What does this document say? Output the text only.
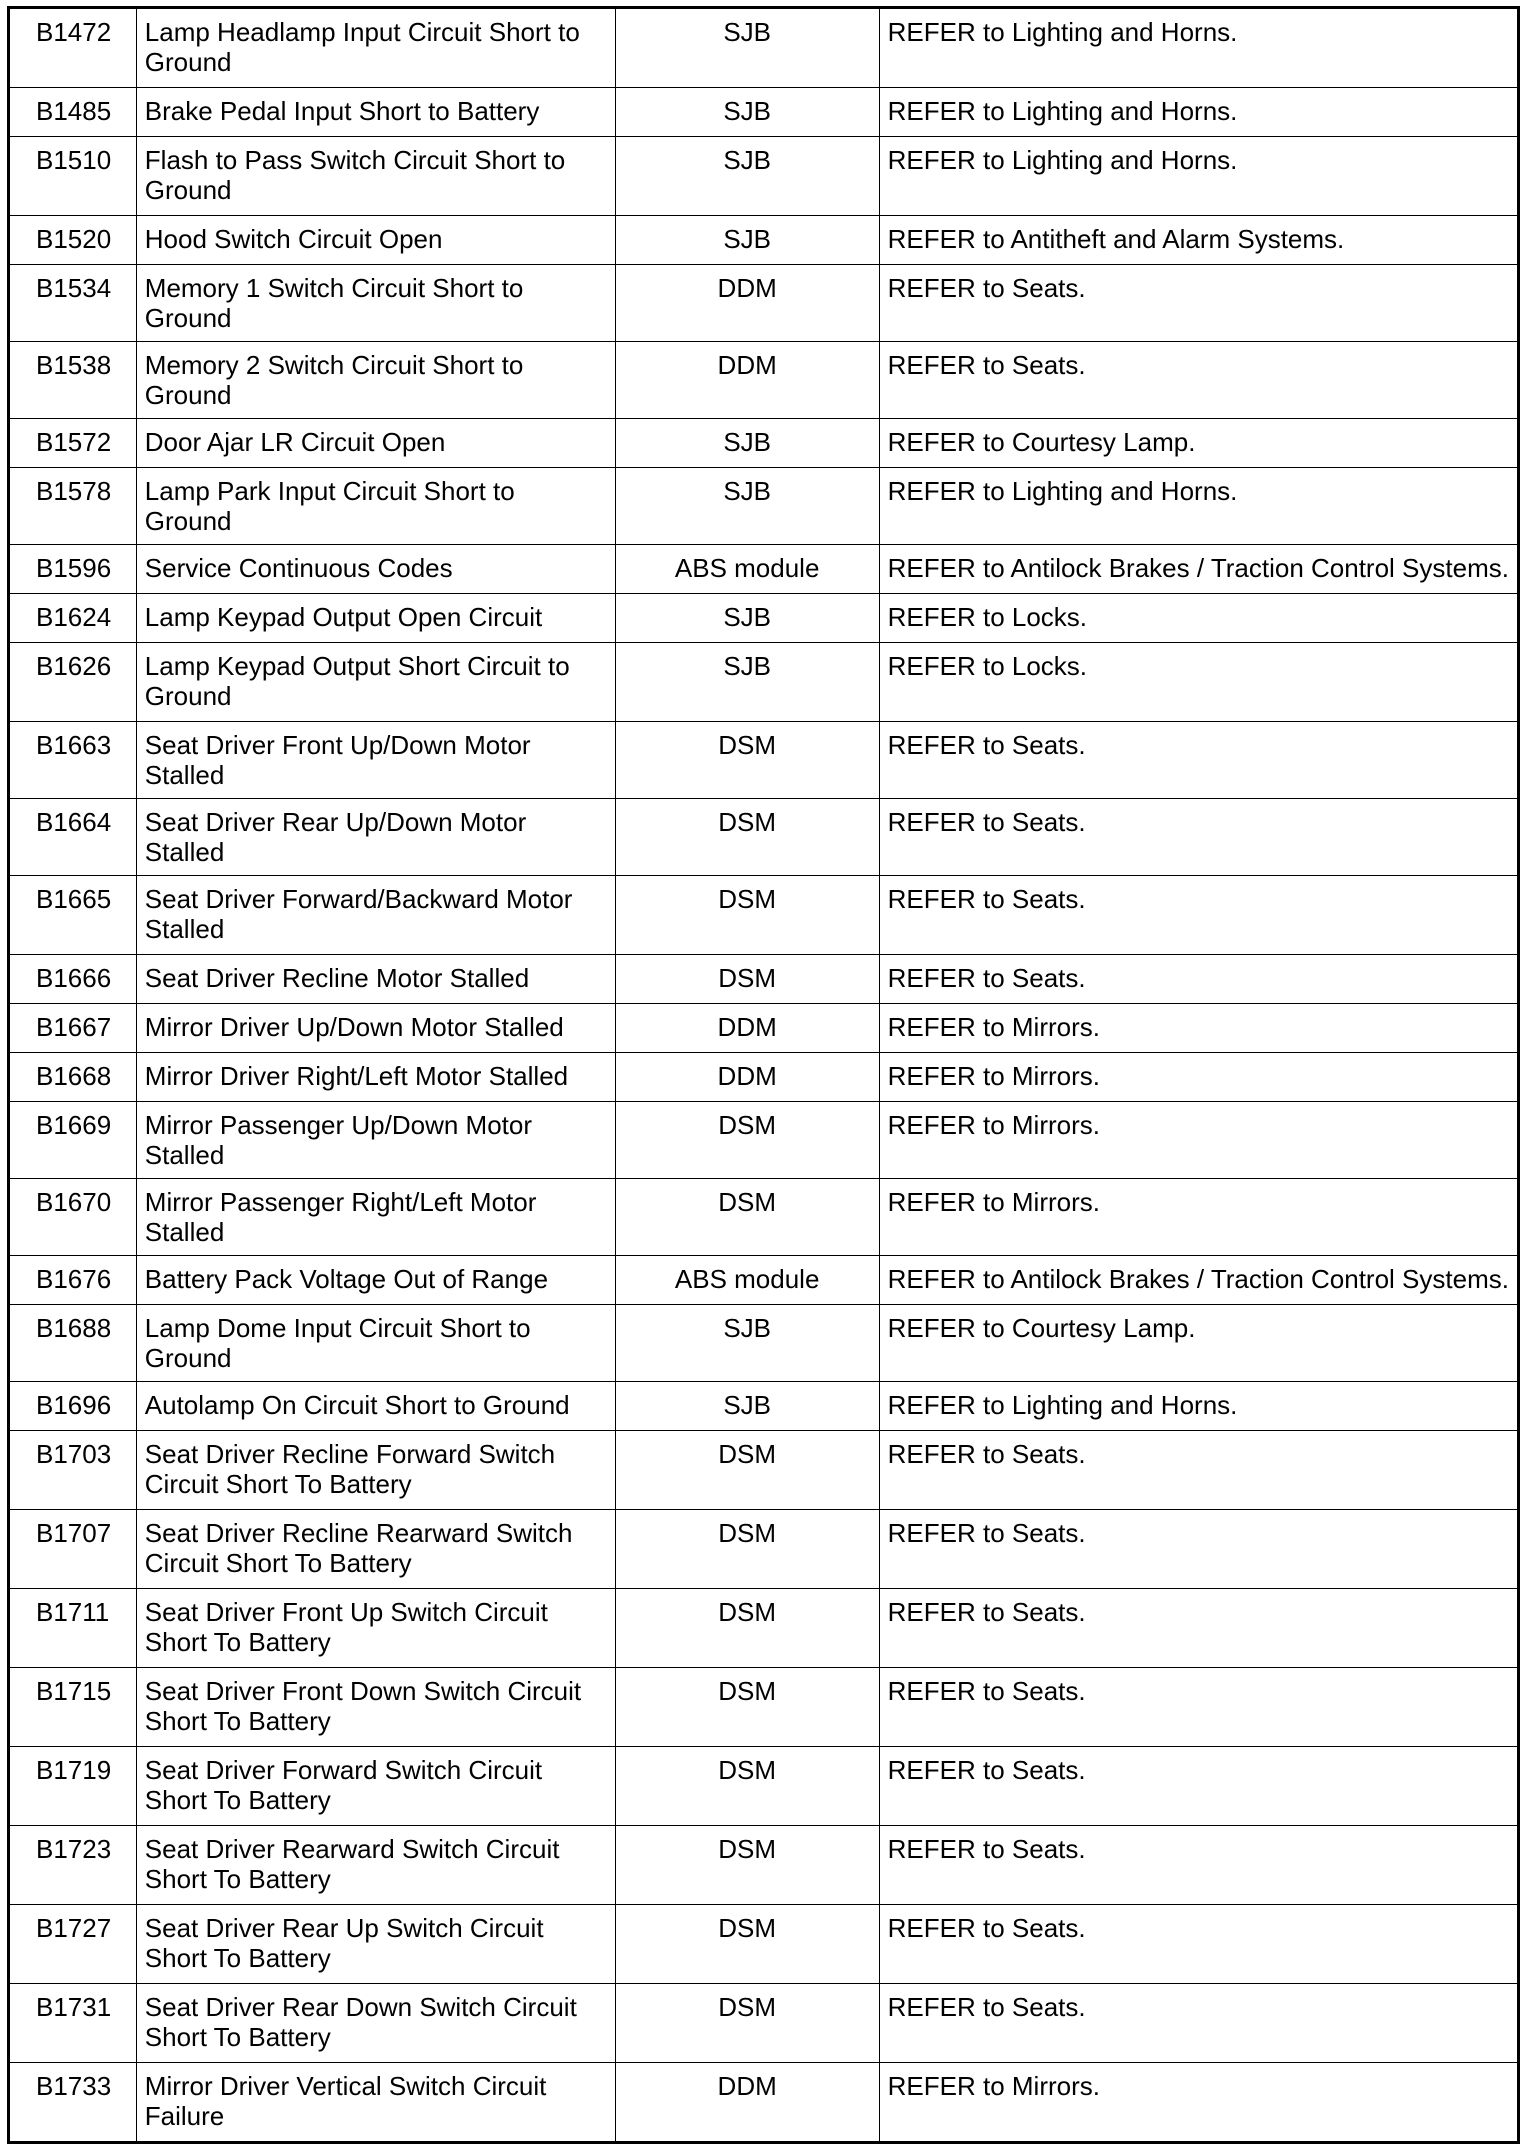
B1472	Lamp Headlamp Input Circuit Short to Ground	SJB	REFER to Lighting and Horns.
B1485	Brake Pedal Input Short to Battery	SJB	REFER to Lighting and Horns.
B1510	Flash to Pass Switch Circuit Short to Ground	SJB	REFER to Lighting and Horns.
B1520	Hood Switch Circuit Open	SJB	REFER to Antitheft and Alarm Systems.
B1534	Memory 1 Switch Circuit Short to Ground	DDM	REFER to Seats.
B1538	Memory 2 Switch Circuit Short to Ground	DDM	REFER to Seats.
B1572	Door Ajar LR Circuit Open	SJB	REFER to Courtesy Lamp.
B1578	Lamp Park Input Circuit Short to Ground	SJB	REFER to Lighting and Horns.
B1596	Service Continuous Codes	ABS module	REFER to Antilock Brakes / Traction Control Systems.
B1624	Lamp Keypad Output Open Circuit	SJB	REFER to Locks.
B1626	Lamp Keypad Output Short Circuit to Ground	SJB	REFER to Locks.
B1663	Seat Driver Front Up/Down Motor Stalled	DSM	REFER to Seats.
B1664	Seat Driver Rear Up/Down Motor Stalled	DSM	REFER to Seats.
B1665	Seat Driver Forward/Backward Motor Stalled	DSM	REFER to Seats.
B1666	Seat Driver Recline Motor Stalled	DSM	REFER to Seats.
B1667	Mirror Driver Up/Down Motor Stalled	DDM	REFER to Mirrors.
B1668	Mirror Driver Right/Left Motor Stalled	DDM	REFER to Mirrors.
B1669	Mirror Passenger Up/Down Motor Stalled	DSM	REFER to Mirrors.
B1670	Mirror Passenger Right/Left Motor Stalled	DSM	REFER to Mirrors.
B1676	Battery Pack Voltage Out of Range	ABS module	REFER to Antilock Brakes / Traction Control Systems.
B1688	Lamp Dome Input Circuit Short to Ground	SJB	REFER to Courtesy Lamp.
B1696	Autolamp On Circuit Short to Ground	SJB	REFER to Lighting and Horns.
B1703	Seat Driver Recline Forward Switch Circuit Short To Battery	DSM	REFER to Seats.
B1707	Seat Driver Recline Rearward Switch Circuit Short To Battery	DSM	REFER to Seats.
B1711	Seat Driver Front Up Switch Circuit Short To Battery	DSM	REFER to Seats.
B1715	Seat Driver Front Down Switch Circuit Short To Battery	DSM	REFER to Seats.
B1719	Seat Driver Forward Switch Circuit Short To Battery	DSM	REFER to Seats.
B1723	Seat Driver Rearward Switch Circuit Short To Battery	DSM	REFER to Seats.
B1727	Seat Driver Rear Up Switch Circuit Short To Battery	DSM	REFER to Seats.
B1731	Seat Driver Rear Down Switch Circuit Short To Battery	DSM	REFER to Seats.
B1733	Mirror Driver Vertical Switch Circuit Failure	DDM	REFER to Mirrors.
